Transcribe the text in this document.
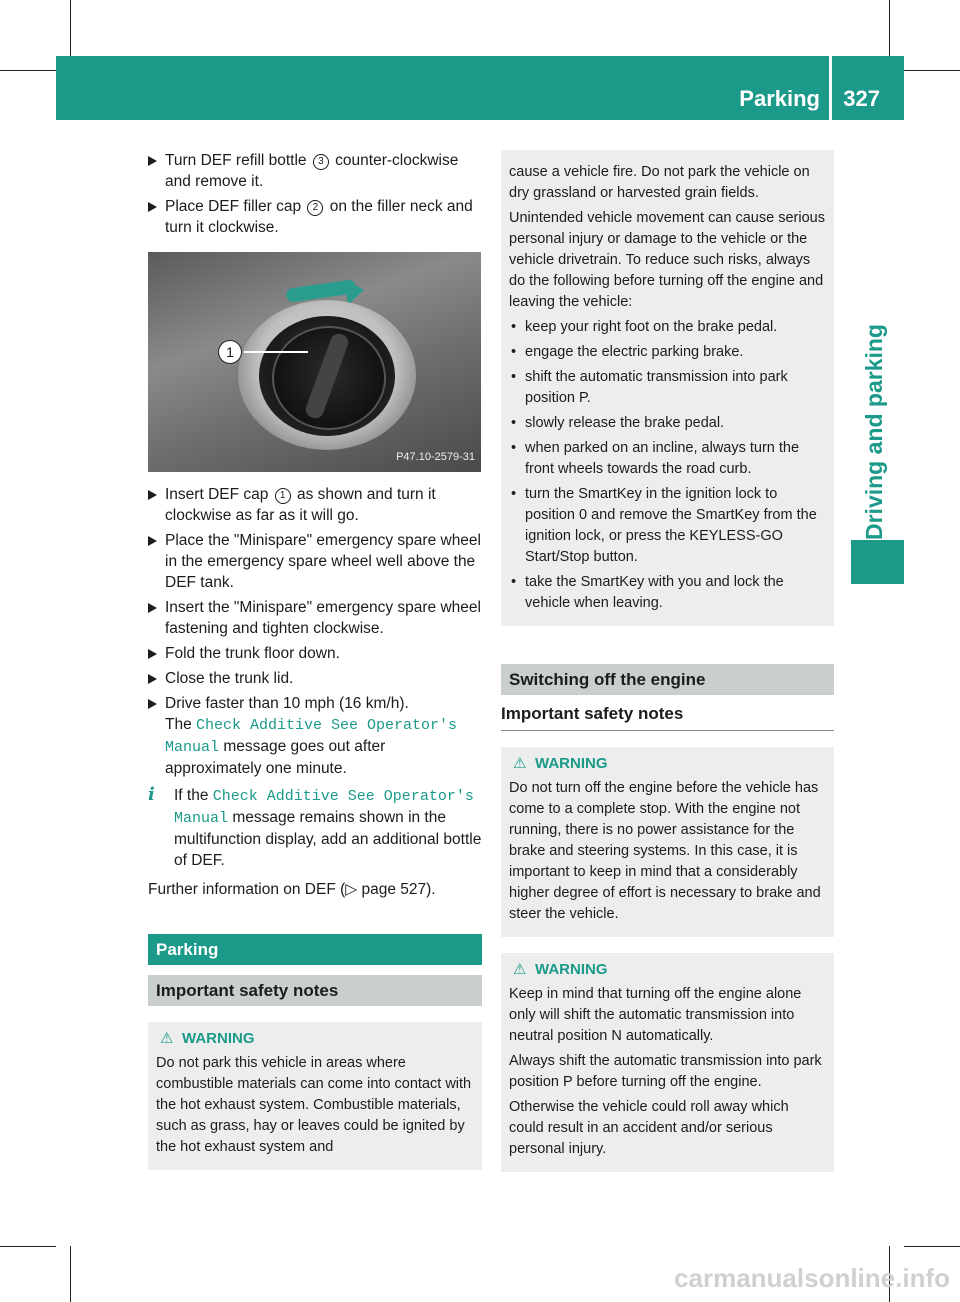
Parking 327
Driving and parking
Turn DEF refill bottle 3 counter-clockwise and remove it.
Place DEF filler cap 2 on the filler neck and turn it clockwise.
1
P47.10-2579-31
Insert DEF cap 1 as shown and turn it clockwise as far as it will go.
Place the "Minispare" emergency spare wheel in the emergency spare wheel well above the DEF tank.
Insert the "Minispare" emergency spare wheel fastening and tighten clockwise.
Fold the trunk floor down.
Close the trunk lid.
Drive faster than 10 mph (16 km/h).
The Check Additive See Operator's Manual message goes out after approximately one minute.
i	If the Check Additive See Operator's Manual message remains shown in the multifunction display, add an additional bottle of DEF.
Further information on DEF (▷ page 527).
Parking
Important safety notes
⚠ WARNING

Do not park this vehicle in areas where combustible materials can come into contact with the hot exhaust system. Combustible materials, such as grass, hay or leaves could be ignited by the hot exhaust system and

cause a vehicle fire. Do not park the vehicle on dry grassland or harvested grain fields.

Unintended vehicle movement can cause serious personal injury or damage to the vehicle or the vehicle drivetrain. To reduce such risks, always do the following before turning off the engine and leaving the vehicle:

• keep your right foot on the brake pedal.
• engage the electric parking brake.
• shift the automatic transmission into park position P.
• slowly release the brake pedal.
• when parked on an incline, always turn the front wheels towards the road curb.
• turn the SmartKey in the ignition lock to position 0 and remove the SmartKey from the ignition lock, or press the KEYLESS-GO Start/Stop button.
• take the SmartKey with you and lock the vehicle when leaving.
Switching off the engine
Important safety notes
⚠ WARNING

Do not turn off the engine before the vehicle has come to a complete stop. With the engine not running, there is no power assistance for the brake and steering systems. In this case, it is important to keep in mind that a considerably higher degree of effort is necessary to brake and steer the vehicle.

⚠ WARNING

Keep in mind that turning off the engine alone only will shift the automatic transmission into neutral position N automatically.

Always shift the automatic transmission into park position P before turning off the engine.

Otherwise the vehicle could roll away which could result in an accident and/or serious personal injury.

carmanualsonline.info
